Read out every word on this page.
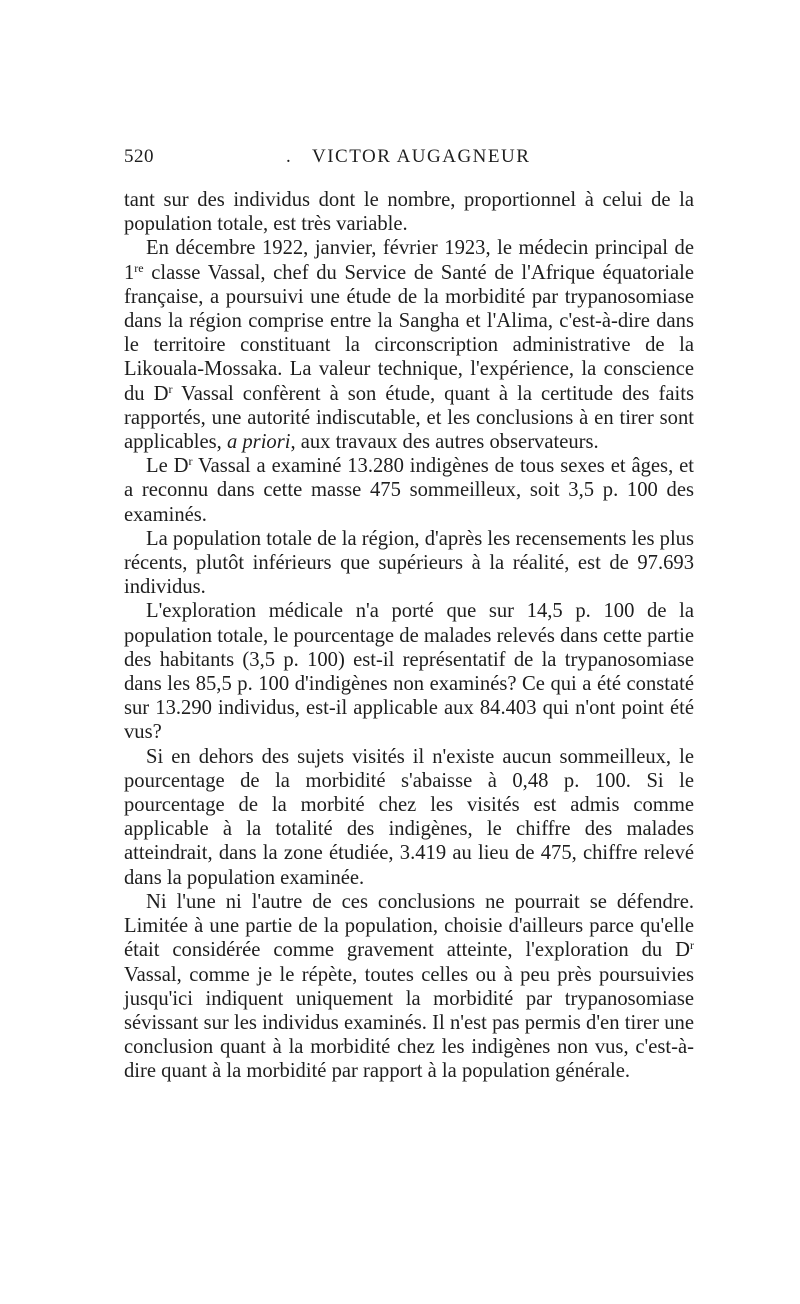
520	. VICTOR AUGAGNEUR

tant sur des individus dont le nombre, proportionnel à celui de la population totale, est très variable.

En décembre 1922, janvier, février 1923, le médecin principal de 1re classe Vassal, chef du Service de Santé de l'Afrique équatoriale française, a poursuivi une étude de la morbidité par trypanosomiase dans la région comprise entre la Sangha et l'Alima, c'est-à-dire dans le territoire constituant la circonscription administrative de la Likouala-Mossaka. La valeur technique, l'expérience, la conscience du $D^r$ Vassal confèrent à son étude, quant à la certitude des faits rapportés, une autorité indiscutable, et les conclusions à en tirer sont applicables, a priori, aux travaux des autres observateurs.

Le $D^r$ Vassal a examiné 13.280 indigènes de tous sexes et âges, et a reconnu dans cette masse 475 sommeilleux, soit 3,5 p. 100 des examinés.

La population totale de la région, d'après les recensements les plus récents, plutôt inférieurs que supérieurs à la réalité, est de 97.693 individus.

L'exploration médicale n'a porté que sur 14,5 p. 100 de la population totale, le pourcentage de malades relevés dans cette partie des habitants (3,5 p. 100) est-il représentatif de la trypanosomiase dans les 85,5 p. 100 d'indigènes non examinés? Ce qui a été constaté sur 13.290 individus, est-il applicable aux 84.403 qui n'ont point été vus?

Si en dehors des sujets visités il n'existe aucun sommeilleux, le pourcentage de la morbidité s'abaisse à 0,48 p. 100. Si le pourcentage de la morbité chez les visités est admis comme applicable à la totalité des indigènes, le chiffre des malades atteindrait, dans la zone étudiée, 3.419 au lieu de 475, chiffre relevé dans la population examinée.

Ni l'une ni l'autre de ces conclusions ne pourrait se défendre. Limitée à une partie de la population, choisie d'ailleurs parce qu'elle était considérée comme gravement atteinte, l'exploration du $D^r$ Vassal, comme je le répète, toutes celles ou à peu près poursuivies jusqu'ici indiquent uniquement la morbidité par trypanosomiase sévissant sur les individus examinés. Il n'est pas permis d'en tirer une conclusion quant à la morbidité chez les indigènes non vus, c'est-à-dire quant à la morbidité par rapport à la population générale.
